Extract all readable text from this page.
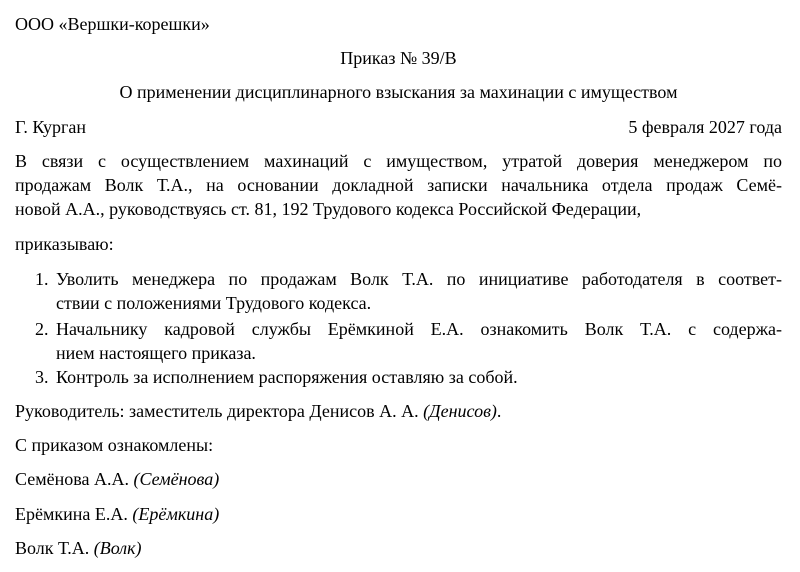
ООО «Вершки-корешки»
Приказ № 39/В
О применении дисциплинарного взыскания за махинации с имуществом
Г. Курган	5 февраля 2027 года
В связи с осуществлением махинаций с имуществом, утратой доверия менеджером по
продажам Волк Т.А., на основании докладной записки начальника отдела продаж Семё-
новой А.А., руководствуясь ст. 81, 192 Трудового кодекса Российской Федерации,
приказываю:
1. Уволить менеджера по продажам Волк Т.А. по инициативе работодателя в соответ-
ствии с положениями Трудового кодекса.
2. Начальнику кадровой службы Ерёмкиной Е.А. ознакомить Волк Т.А. с содержа-
нием настоящего приказа.
3. Контроль за исполнением распоряжения оставляю за собой.
Руководитель: заместитель директора Денисов А. А. (Денисов).
С приказом ознакомлены:
Семёнова А.А. (Семёнова)
Ерёмкина Е.А. (Ерёмкина)
Волк Т.А. (Волк)
